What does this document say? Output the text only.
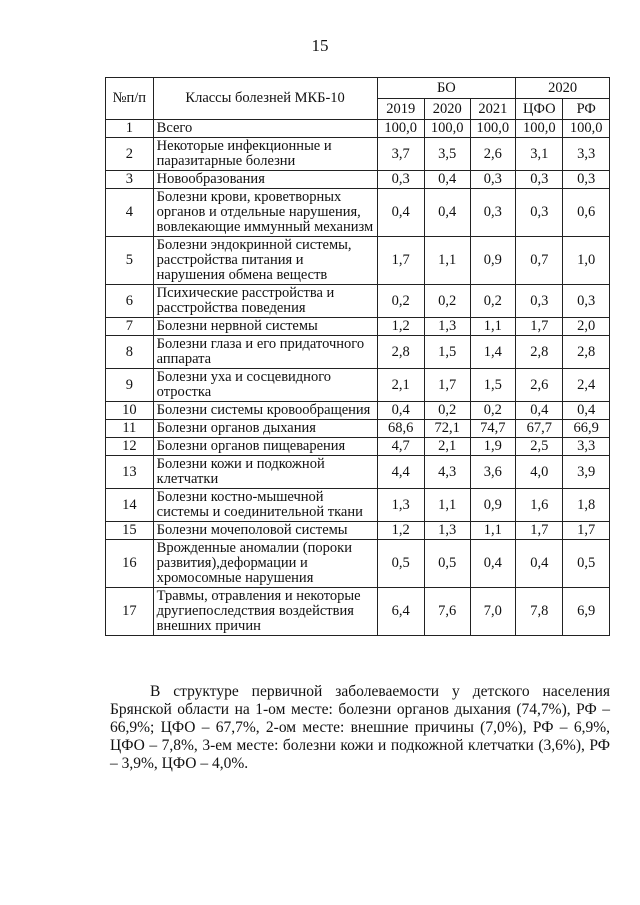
15
№п/п	Классы болезней МКБ-10	БО			2020	
		2019	2020	2021	ЦФО	РФ
1	Всего	100,0	100,0	100,0	100,0	100,0
2	Некоторые инфекционные и паразитарные болезни	3,7	3,5	2,6	3,1	3,3
3	Новообразования	0,3	0,4	0,3	0,3	0,3
4	Болезни крови, кроветворных органов и отдельные нарушения, вовлекающие иммунный механизм	0,4	0,4	0,3	0,3	0,6
5	Болезни эндокринной системы, расстройства питания и нарушения обмена веществ	1,7	1,1	0,9	0,7	1,0
6	Психические расстройства и расстройства поведения	0,2	0,2	0,2	0,3	0,3
7	Болезни нервной системы	1,2	1,3	1,1	1,7	2,0
8	Болезни глаза и его придаточного аппарата	2,8	1,5	1,4	2,8	2,8
9	Болезни уха и сосцевидного отростка	2,1	1,7	1,5	2,6	2,4
10	Болезни системы кровообращения	0,4	0,2	0,2	0,4	0,4
11	Болезни органов дыхания	68,6	72,1	74,7	67,7	66,9
12	Болезни органов пищеварения	4,7	2,1	1,9	2,5	3,3
13	Болезни кожи и подкожной клетчатки	4,4	4,3	3,6	4,0	3,9
14	Болезни костно-мышечной системы и соединительной ткани	1,3	1,1	0,9	1,6	1,8
15	Болезни мочеполовой системы	1,2	1,3	1,1	1,7	1,7
16	Врожденные аномалии (пороки развития),деформации и хромосомные нарушения	0,5	0,5	0,4	0,4	0,5
17	Травмы, отравления и некоторые другиепоследствия воздействия внешних причин	6,4	7,6	7,0	7,8	6,9
В структуре первичной заболеваемости у детского населения Брянской области на 1-ом месте: болезни органов дыхания (74,7%), РФ – 66,9%; ЦФО – 67,7%, 2-ом месте: внешние причины (7,0%), РФ – 6,9%, ЦФО – 7,8%, 3-ем месте: болезни кожи и подкожной клетчатки (3,6%), РФ – 3,9%, ЦФО – 4,0%.
